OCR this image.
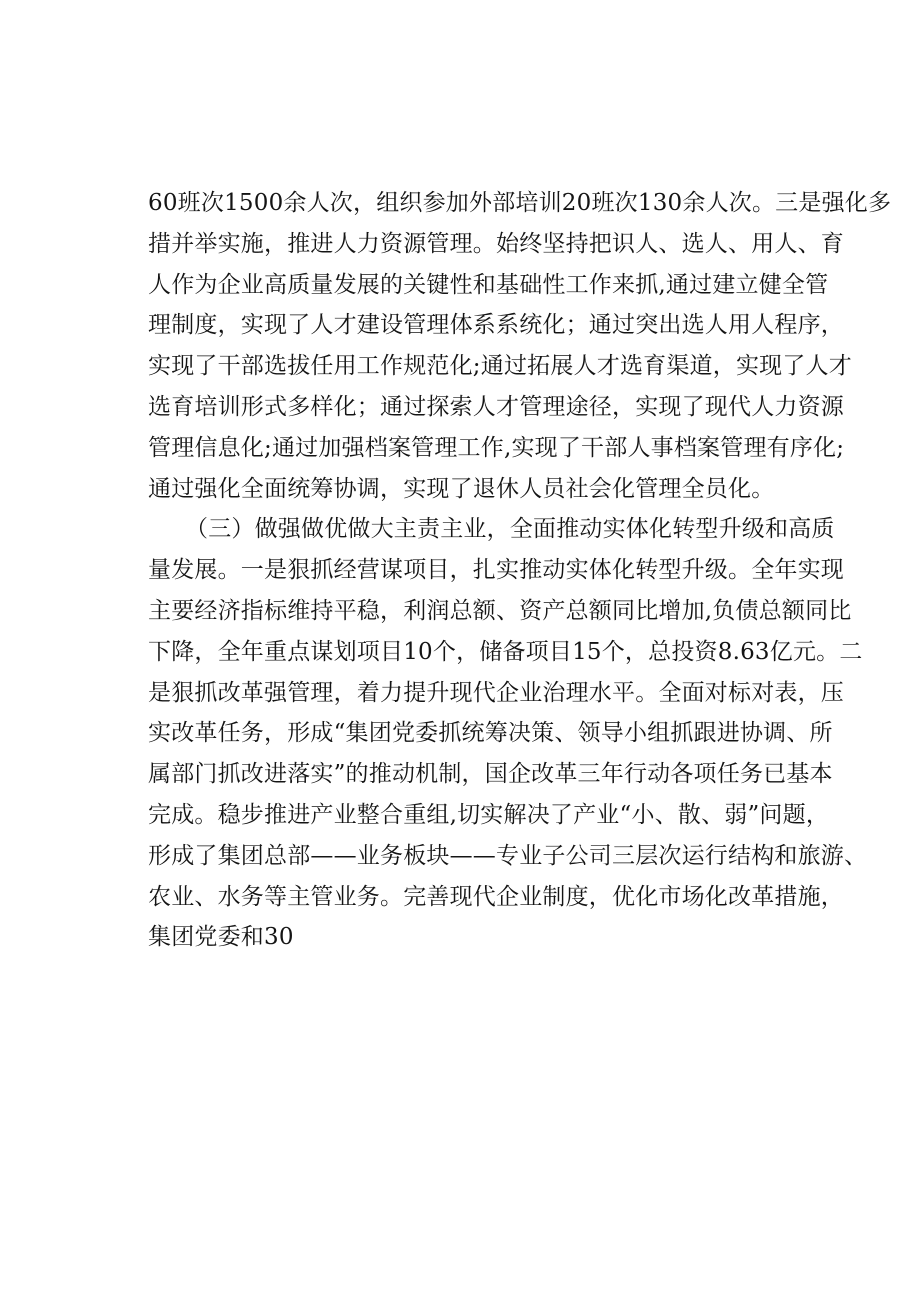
60班次1500余人次，组织参加外部培训20班次130余人次。三是强化多
措并举实施，推进人力资源管理。始终坚持把识人、选人、用人、育
人作为企业高质量发展的关键性和基础性工作来抓,通过建立健全管
理制度，实现了人才建设管理体系系统化；通过突出选人用人程序，
实现了干部选拔任用工作规范化;通过拓展人才选育渠道，实现了人才
选育培训形式多样化；通过探索人才管理途径，实现了现代人力资源
管理信息化;通过加强档案管理工作,实现了干部人事档案管理有序化;
通过强化全面统筹协调，实现了退休人员社会化管理全员化。
（三）做强做优做大主责主业，全面推动实体化转型升级和高质
量发展。一是狠抓经营谋项目，扎实推动实体化转型升级。全年实现
主要经济指标维持平稳，利润总额、资产总额同比增加,负债总额同比
下降，全年重点谋划项目10个，储备项目15个，总投资8.63亿元。二
是狠抓改革强管理，着力提升现代企业治理水平。全面对标对表，压
实改革任务，形成“集团党委抓统筹决策、领导小组抓跟进协调、所
属部门抓改进落实”的推动机制，国企改革三年行动各项任务已基本
完成。稳步推进产业整合重组,切实解决了产业“小、散、弱”问题，
形成了集团总部——业务板块——专业子公司三层次运行结构和旅游、
农业、水务等主管业务。完善现代企业制度，优化市场化改革措施，
集团党委和30
